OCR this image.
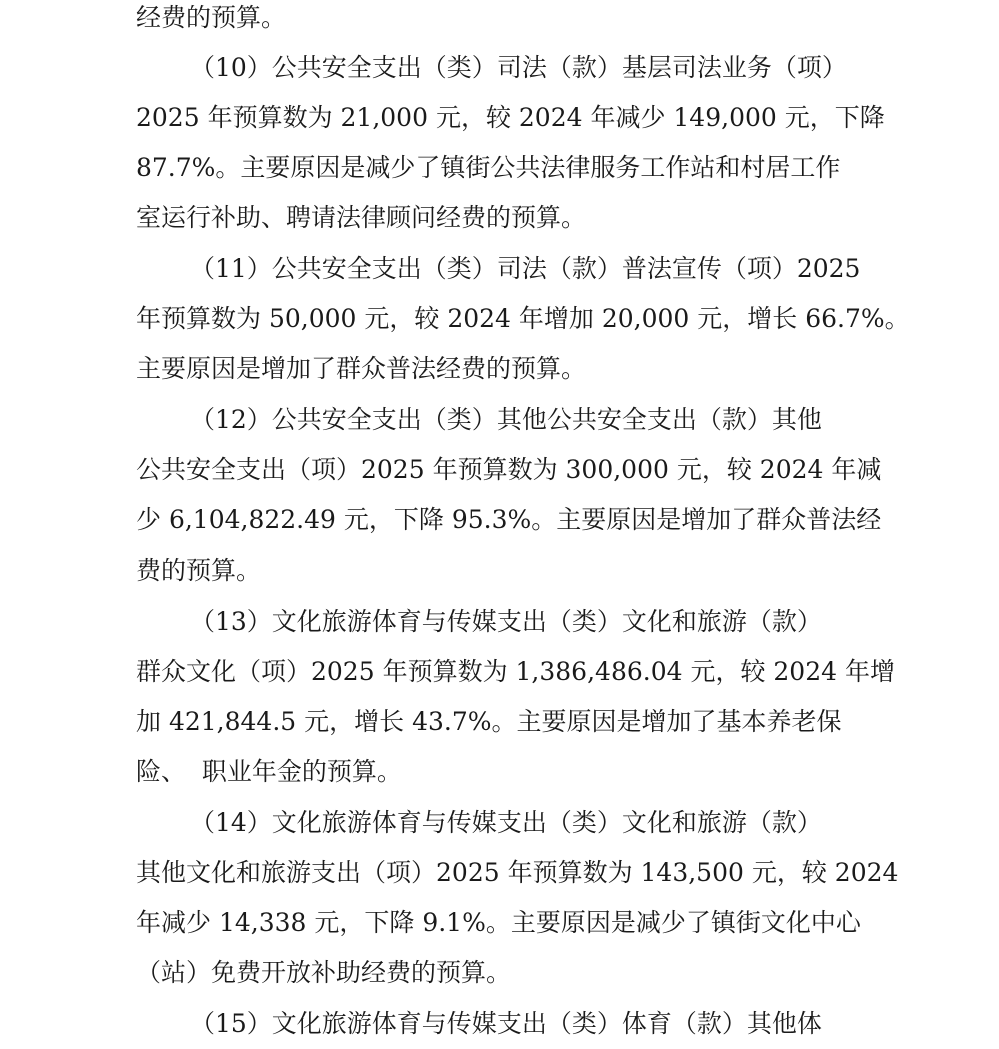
经费的预算。

（10）公共安全支出（类）司法（款）基层司法业务（项）

2025 年预算数为 21,000 元，较 2024 年减少 149,000 元，下降

87.7%。主要原因是减少了镇街公共法律服务工作站和村居工作

室运行补助、聘请法律顾问经费的预算。

（11）公共安全支出（类）司法（款）普法宣传（项）2025

年预算数为 50,000 元，较 2024 年增加 20,000 元，增长 66.7%。

主要原因是增加了群众普法经费的预算。

（12）公共安全支出（类）其他公共安全支出（款）其他

公共安全支出（项）2025 年预算数为 300,000 元，较 2024 年减

少 6,104,822.49 元，下降 95.3%。主要原因是增加了群众普法经

费的预算。

（13）文化旅游体育与传媒支出（类）文化和旅游（款）

群众文化（项）2025 年预算数为 1,386,486.04 元，较 2024 年增

加 421,844.5 元，增长 43.7%。主要原因是增加了基本养老保

险、  职业年金的预算。

（14）文化旅游体育与传媒支出（类）文化和旅游（款）

其他文化和旅游支出（项）2025 年预算数为 143,500 元，较 2024

年减少 14,338 元，下降 9.1%。主要原因是减少了镇街文化中心

（站）免费开放补助经费的预算。

（15）文化旅游体育与传媒支出（类）体育（款）其他体
